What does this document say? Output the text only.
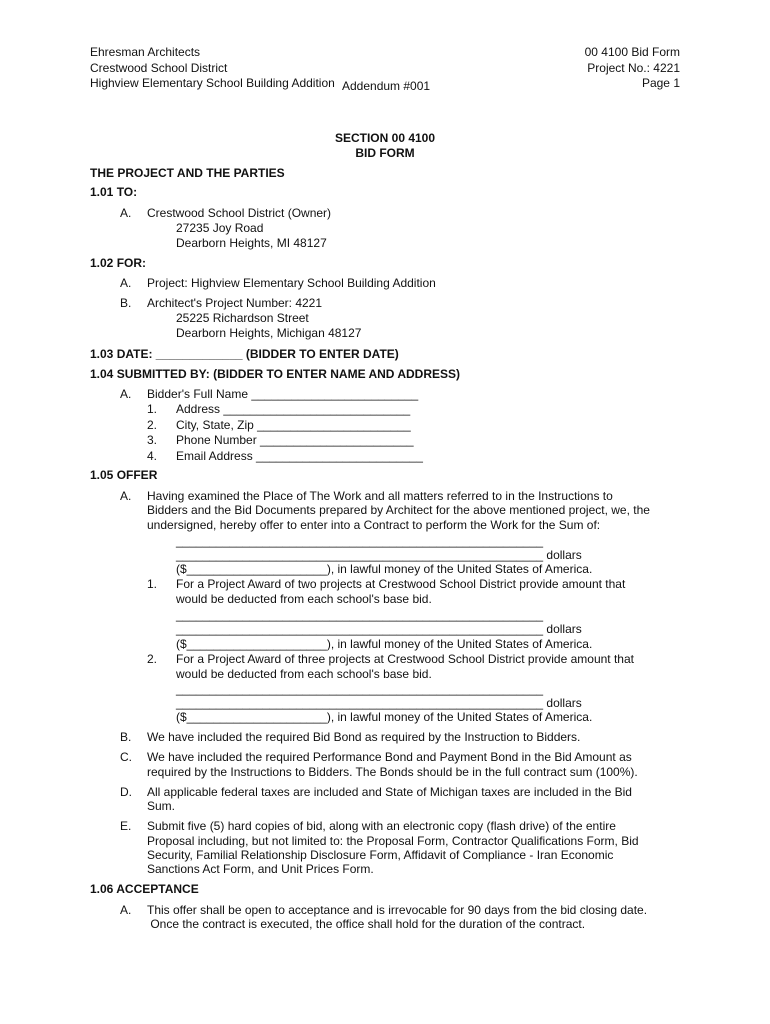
Ehresman Architects
Crestwood School District
Highview Elementary School Building Addition Addendum #001
00 4100 Bid Form
Project No.: 4221
Page 1
SECTION 00 4100
BID FORM
THE PROJECT AND THE PARTIES
1.01 TO:
A. Crestwood School District (Owner)
27235 Joy Road
Dearborn Heights, MI 48127
1.02 FOR:
A. Project: Highview Elementary School Building Addition
B. Architect's Project Number: 4221
25225 Richardson Street
Dearborn Heights, Michigan 48127
1.03 DATE: _____________ (BIDDER TO ENTER DATE)
1.04 SUBMITTED BY: (BIDDER TO ENTER NAME AND ADDRESS)
A. Bidder's Full Name _________________________
1. Address ____________________________
2. City, State, Zip _______________________
3. Phone Number _______________________
4. Email Address _________________________
1.05 OFFER
A. Having examined the Place of The Work and all matters referred to in the Instructions to
Bidders and the Bid Documents prepared by Architect for the above mentioned project, we, the
undersigned, hereby offer to enter into a Contract to perform the Work for the Sum of:
_______________________________________________________
_______________________________________________________ dollars
($_____________________), in lawful money of the United States of America.
1. For a Project Award of two projects at Crestwood School District provide amount that
would be deducted from each school's base bid.
_______________________________________________________
_______________________________________________________ dollars
($_____________________), in lawful money of the United States of America.
2. For a Project Award of three projects at Crestwood School District provide amount that
would be deducted from each school's base bid.
_______________________________________________________
_______________________________________________________ dollars
($_____________________), in lawful money of the United States of America.
B. We have included the required Bid Bond as required by the Instruction to Bidders.
C. We have included the required Performance Bond and Payment Bond in the Bid Amount as
required by the Instructions to Bidders. The Bonds should be in the full contract sum (100%).
D. All applicable federal taxes are included and State of Michigan taxes are included in the Bid
Sum.
E. Submit five (5) hard copies of bid, along with an electronic copy (flash drive) of the entire
Proposal including, but not limited to: the Proposal Form, Contractor Qualifications Form, Bid
Security, Familial Relationship Disclosure Form, Affidavit of Compliance - Iran Economic
Sanctions Act Form, and Unit Prices Form.
1.06 ACCEPTANCE
A. This offer shall be open to acceptance and is irrevocable for 90 days from the bid closing date.
Once the contract is executed, the office shall hold for the duration of the contract.
